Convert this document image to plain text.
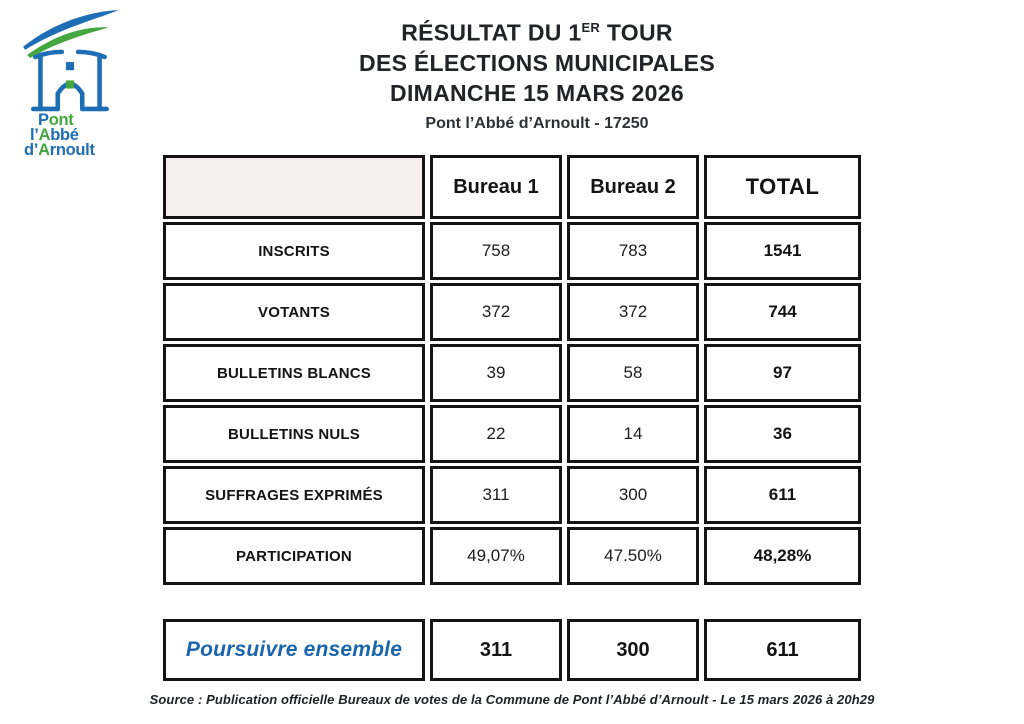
Pont
l’Abbé
d’Arnoult
RÉSULTAT DU 1ER TOUR
DES ÉLECTIONS MUNICIPALES
DIMANCHE 15 MARS 2026
Pont l’Abbé d’Arnoult - 17250
	Bureau 1	Bureau 2	TOTAL
INSCRITS	758	783	1541
VOTANTS	372	372	744
BULLETINS BLANCS	39	58	97
BULLETINS NULS	22	14	36
SUFFRAGES EXPRIMÉS	311	300	611
PARTICIPATION	49,07%	47.50%	48,28%
Poursuivre ensemble	311	300	611
Source : Publication officielle Bureaux de votes de la Commune de Pont l’Abbé d’Arnoult - Le 15 mars 2026 à 20h29
